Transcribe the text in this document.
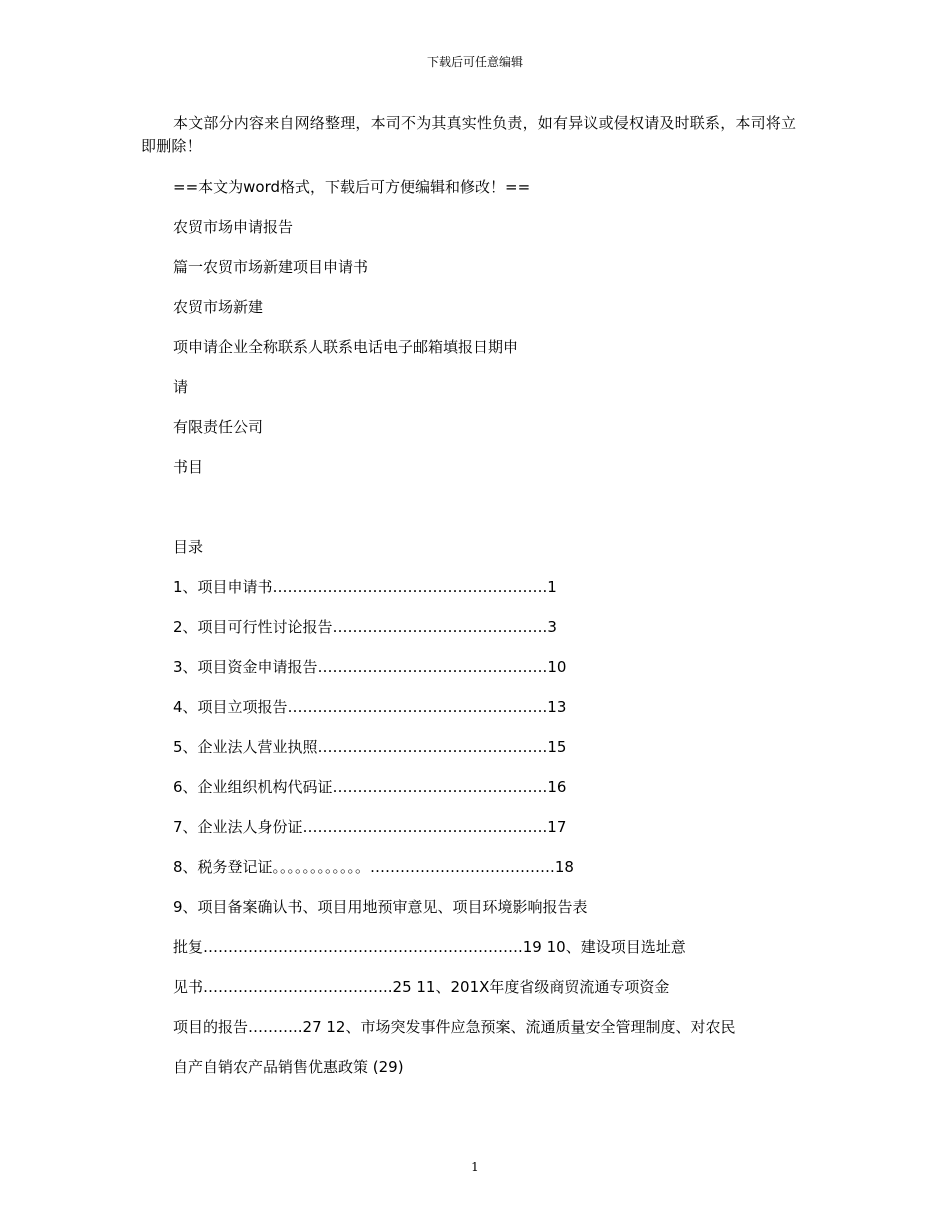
下载后可任意编辑
本文部分内容来自网络整理，本司不为其真实性负责，如有异议或侵权请及时联系，本司将立即删除！
==本文为word格式，下载后可方便编辑和修改！==
农贸市场申请报告
篇一农贸市场新建项目申请书
农贸市场新建
项申请企业全称联系人联系电话电子邮箱填报日期申
请
有限责任公司
书目
目录
1、项目申请书……………………………………………….1
2、项目可行性讨论报告…………………………………….3
3、项目资金申请报告……………………………………….10
4、项目立项报告…………………………………………….13
5、企业法人营业执照……………………………………….15
6、企业组织机构代码证…………………………………….16
7、企业法人身份证………………………………………….17
8、税务登记证。。。。。。。。。。。。……………………………….18
9、项目备案确认书、项目用地预审意见、项目环境影响报告表
批复……………………………………………………….19 10、建设项目选址意
见书………………………………..25 11、201X年度省级商贸流通专项资金
项目的报告………..27 12、市场突发事件应急预案、流通质量安全管理制度、对农民
自产自销农产品销售优惠政策 (29)
1
